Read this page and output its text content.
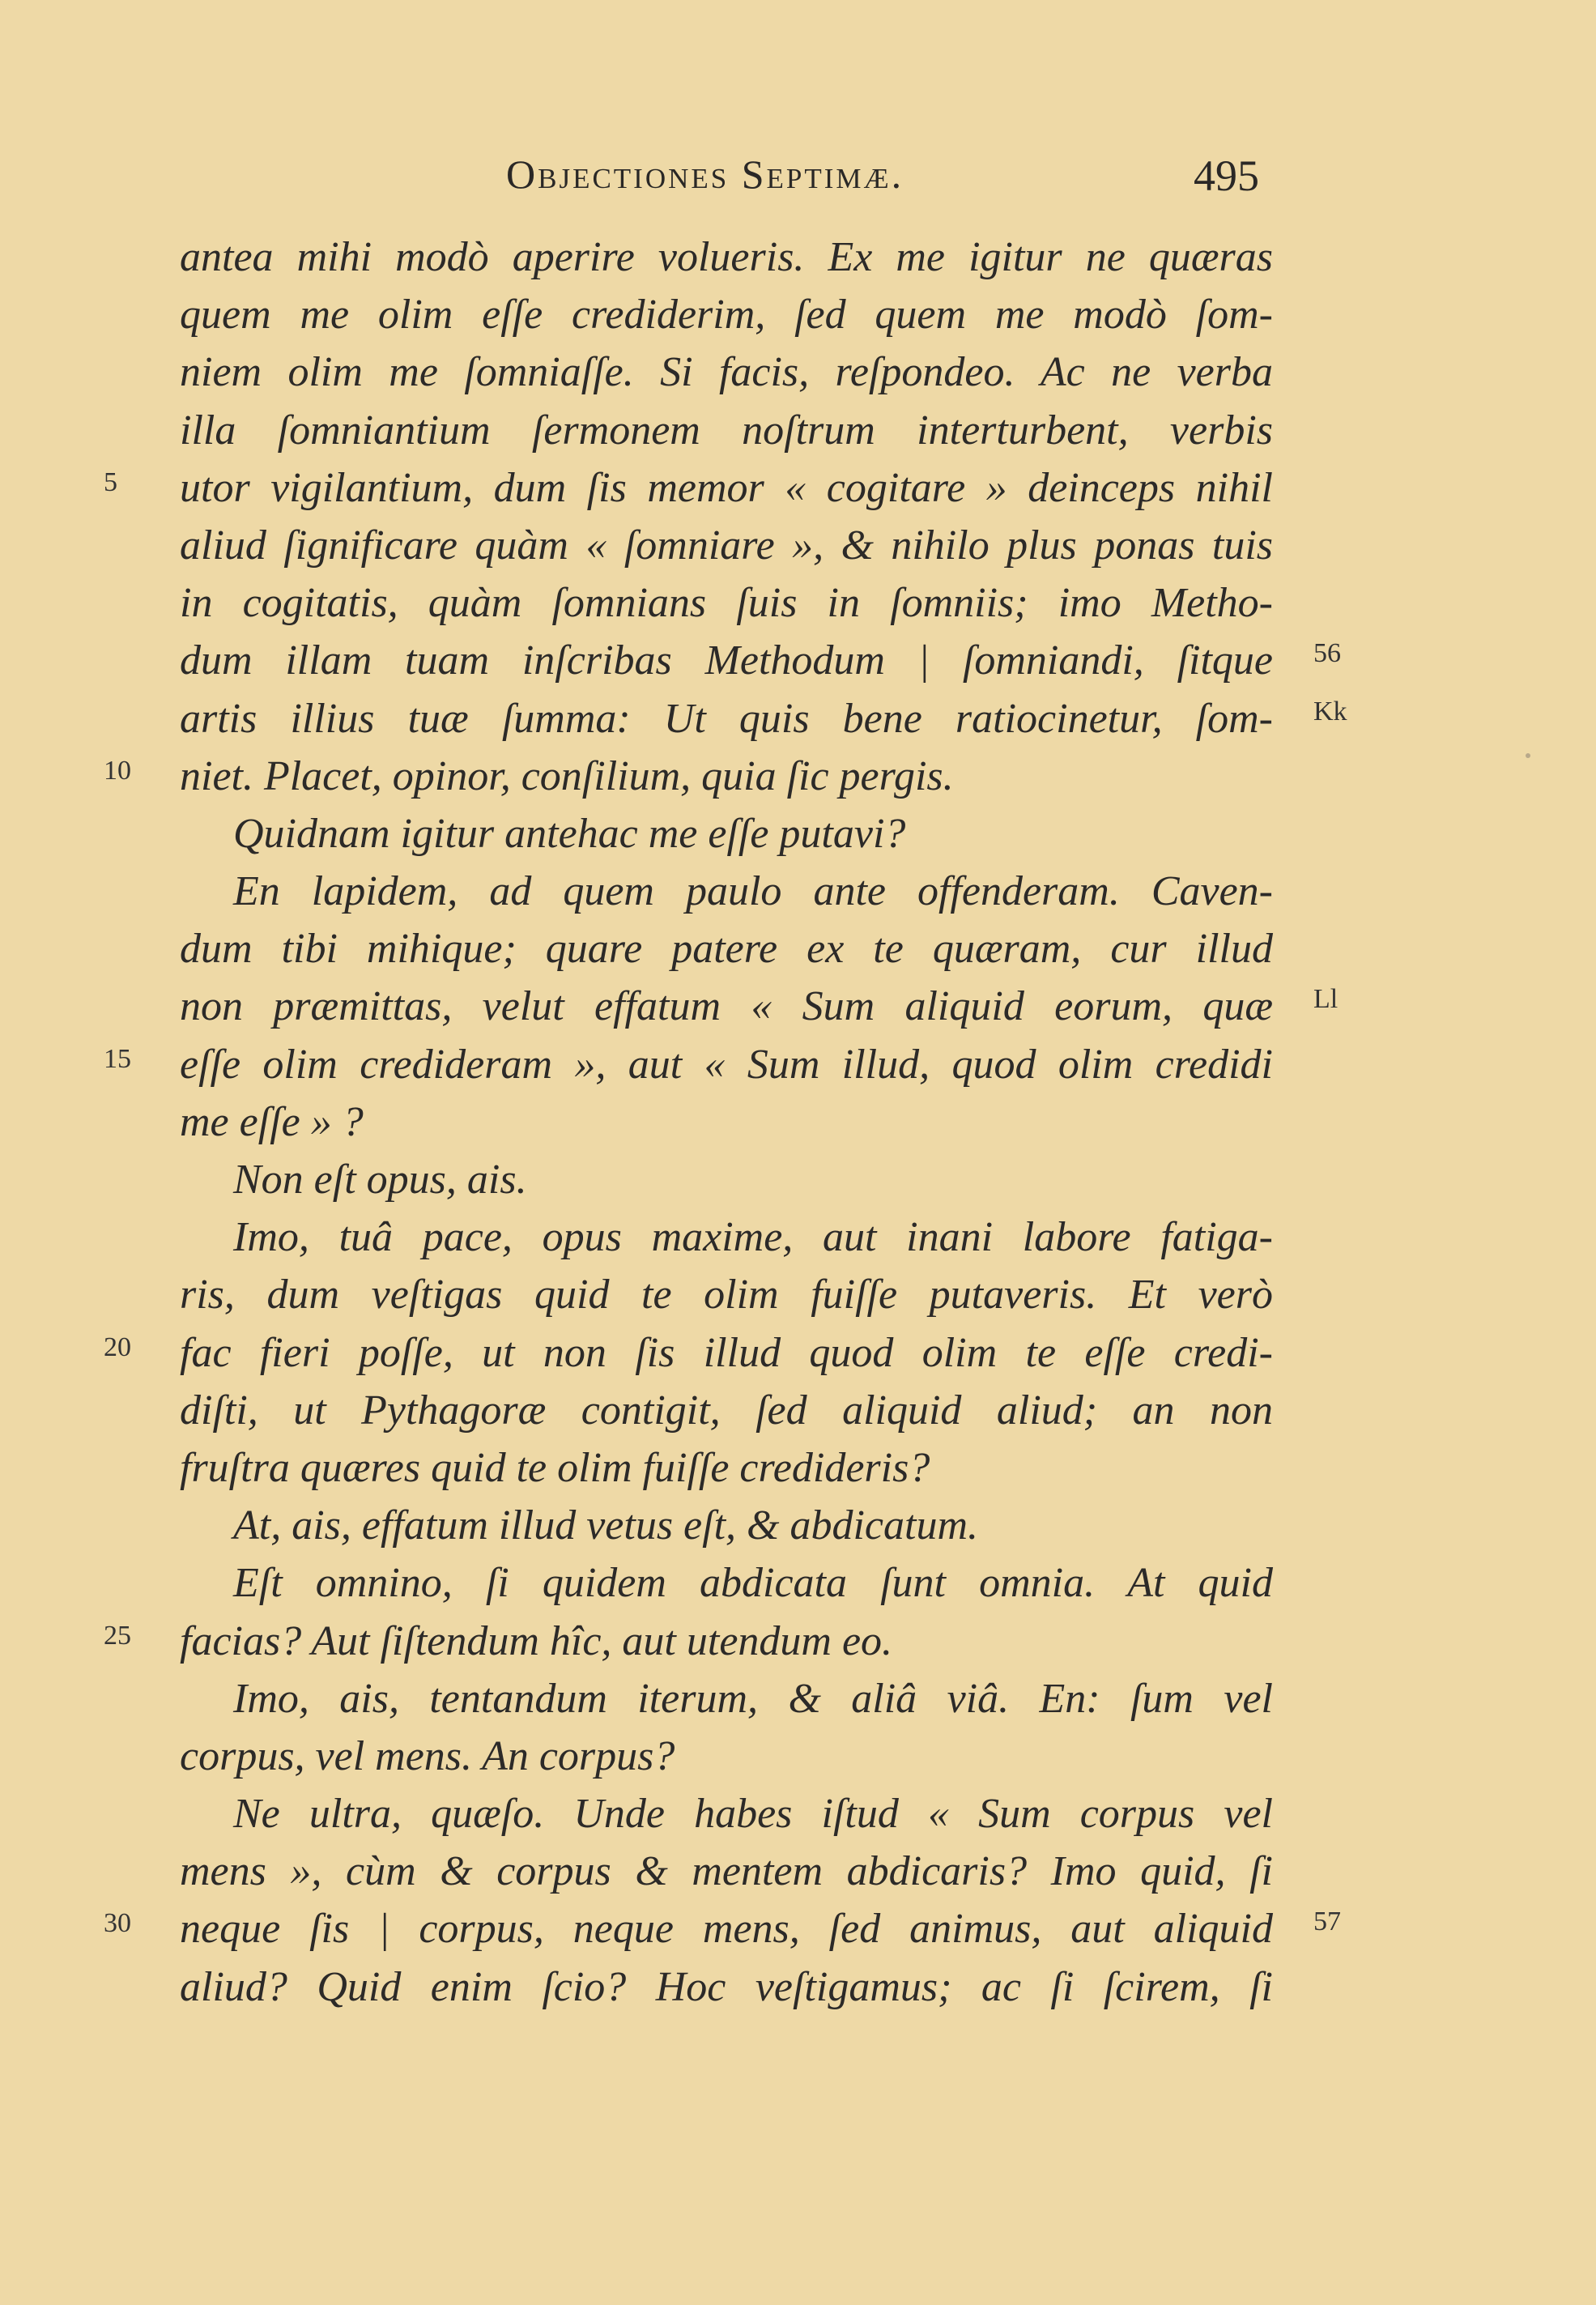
Objectiones Septimæ.	495
antea mihi modò aperire volueris. Ex me igitur ne quæras
quem me olim eſſe crediderim, ſed quem me modò ſom-
niem olim me ſomniaſſe. Si facis, reſpondeo. Ac ne verba
illa ſomniantium ſermonem noſtrum interturbent, verbis
5	utor vigilantium, dum ſis memor « cogitare » deinceps nihil
aliud ſignificare quàm « ſomniare », & nihilo plus ponas tuis
in cogitatis, quàm ſomnians ſuis in ſomniis; imo Metho-
dum illam tuam inſcribas Methodum | ſomniandi, ſitque 56
artis illius tuæ ſumma: Ut quis bene ratiocinetur, ſom- Kk
10	niet. Placet, opinor, conſilium, quia ſic pergis.
Quidnam igitur antehac me eſſe putavi?
En lapidem, ad quem paulo ante offenderam. Caven-
dum tibi mihique; quare patere ex te quæram, cur illud
non præmittas, velut effatum « Sum aliquid eorum, quæ Ll
15	eſſe olim credideram », aut « Sum illud, quod olim credidi
me eſſe » ?
Non eſt opus, ais.
Imo, tuâ pace, opus maxime, aut inani labore fatiga-
ris, dum veſtigas quid te olim fuiſſe putaveris. Et verò
20	fac fieri poſſe, ut non ſis illud quod olim te eſſe credi-
diſti, ut Pythagoræ contigit, ſed aliquid aliud; an non
fruſtra quæres quid te olim fuiſſe credideris?
At, ais, effatum illud vetus eſt, & abdicatum.
Eſt omnino, ſi quidem abdicata ſunt omnia. At quid
25	facias? Aut ſiſtendum hîc, aut utendum eo.
Imo, ais, tentandum iterum, & aliâ viâ. En: ſum vel
corpus, vel mens. An corpus?
Ne ultra, quæſo. Unde habes iſtud « Sum corpus vel
mens », cùm & corpus & mentem abdicaris? Imo quid, ſi
30	neque ſis | corpus, neque mens, ſed animus, aut aliquid 57
aliud? Quid enim ſcio? Hoc veſtigamus; ac ſi ſcirem, ſi
